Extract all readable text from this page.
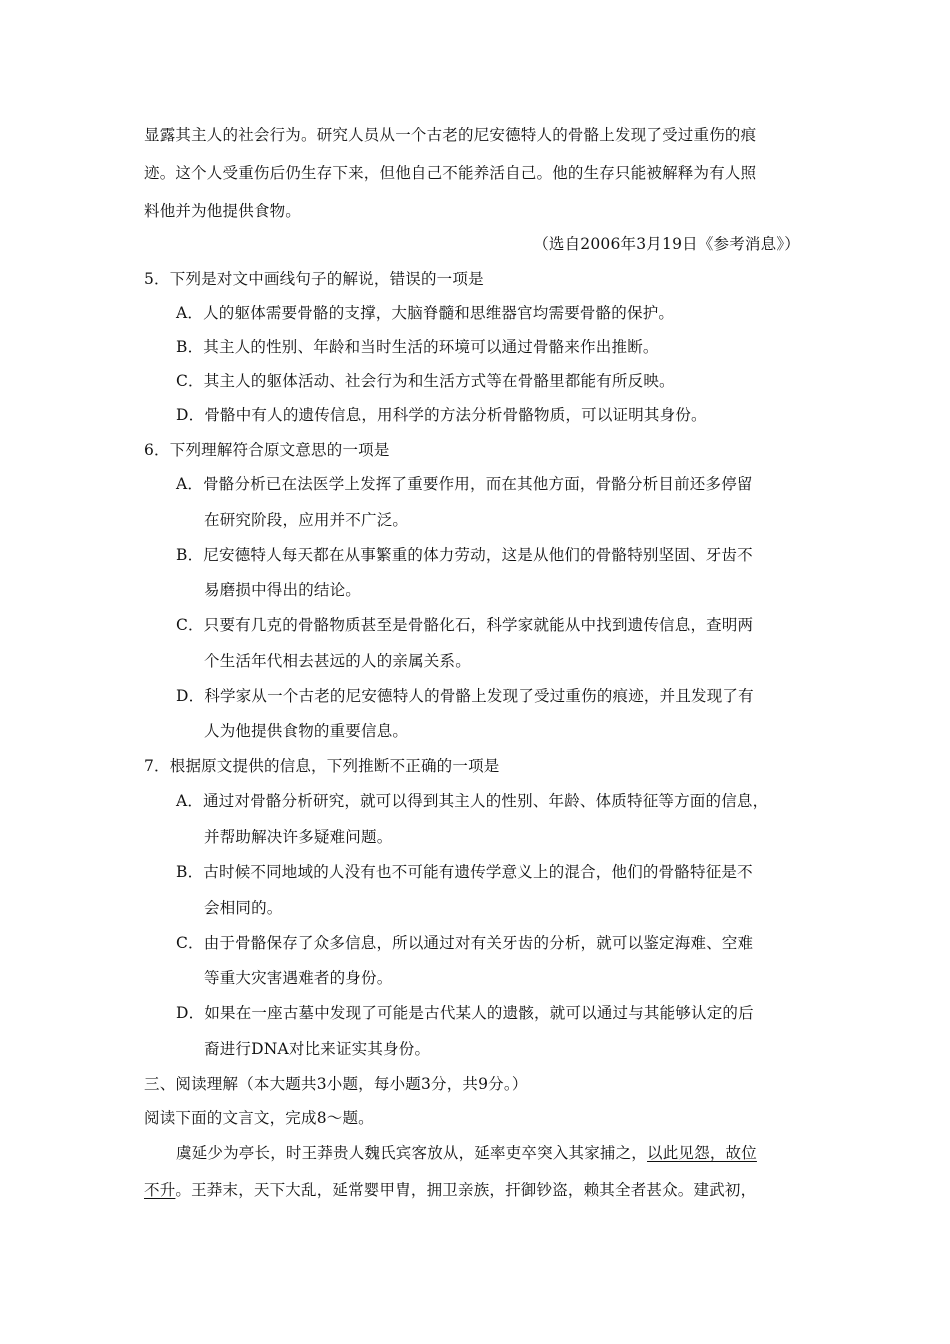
显露其主人的社会行为。研究人员从一个古老的尼安德特人的骨骼上发现了受过重伤的痕
迹。这个人受重伤后仍生存下来，但他自己不能养活自己。他的生存只能被解释为有人照
料他并为他提供食物。
（选自2006年3月19日《参考消息》）
5．下列是对文中画线句子的解说，错误的一项是
A．人的躯体需要骨骼的支撑，大脑脊髓和思维器官均需要骨骼的保护。
B．其主人的性别、年龄和当时生活的环境可以通过骨骼来作出推断。
C．其主人的躯体活动、社会行为和生活方式等在骨骼里都能有所反映。
D．骨骼中有人的遗传信息，用科学的方法分析骨骼物质，可以证明其身份。
6．下列理解符合原文意思的一项是
A．骨骼分析已在法医学上发挥了重要作用，而在其他方面，骨骼分析目前还多停留
在研究阶段，应用并不广泛。
B．尼安德特人每天都在从事繁重的体力劳动，这是从他们的骨骼特别坚固、牙齿不
易磨损中得出的结论。
C．只要有几克的骨骼物质甚至是骨骼化石，科学家就能从中找到遗传信息，查明两
个生活年代相去甚远的人的亲属关系。
D．科学家从一个古老的尼安德特人的骨骼上发现了受过重伤的痕迹，并且发现了有
人为他提供食物的重要信息。
7．根据原文提供的信息，下列推断不正确的一项是
A．通过对骨骼分析研究，就可以得到其主人的性别、年龄、体质特征等方面的信息，
并帮助解决许多疑难问题。
B．古时候不同地域的人没有也不可能有遗传学意义上的混合，他们的骨骼特征是不
会相同的。
C．由于骨骼保存了众多信息，所以通过对有关牙齿的分析，就可以鉴定海难、空难
等重大灾害遇难者的身份。
D．如果在一座古墓中发现了可能是古代某人的遗骸，就可以通过与其能够认定的后
裔进行DNA对比来证实其身份。
三、阅读理解（本大题共3小题，每小题3分，共9分。）
阅读下面的文言文，完成8～题。
虞延少为亭长，时王莽贵人魏氏宾客放从，延率吏卒突入其家捕之，以此见怨，故位
不升。王莽末，天下大乱，延常婴甲胄，拥卫亲族，扞御钞盗，赖其全者甚众。建武初，
